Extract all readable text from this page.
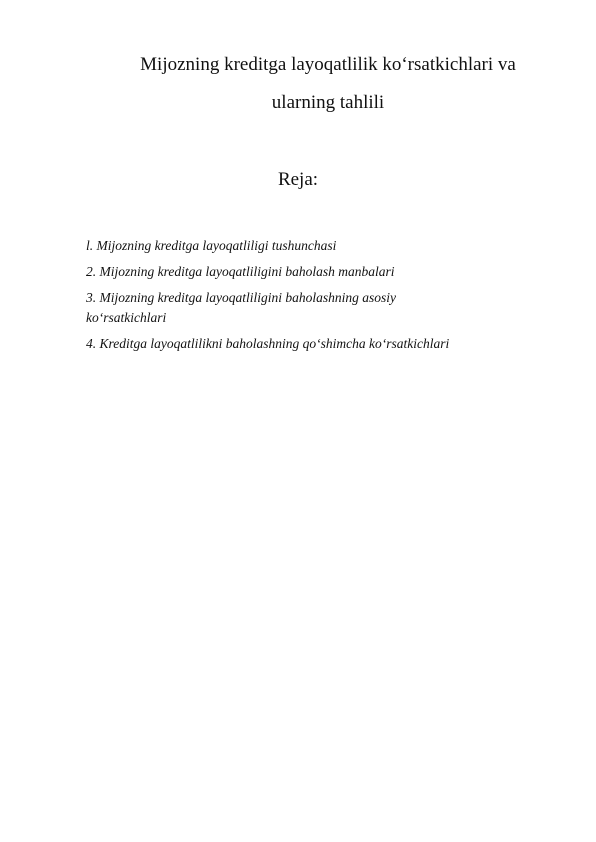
Mijozning kreditga layoqatlilik ko‘rsatkichlari va
ularning tahlili
Reja:
l. Mijozning kreditga layoqatliligi tushunchasi
2. Mijozning kreditga layoqatliligini baholash manbalari
3. Mijozning kreditga layoqatliligini baholashning asosiy ko‘rsatkichlari
4. Kreditga layoqatlilikni baholashning qo‘shimcha ko‘rsatkichlari
